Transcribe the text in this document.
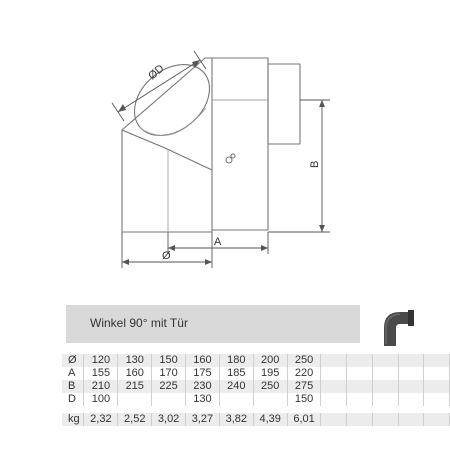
ØD
B
A
Ø
Winkel 90° mit Tür
Ø	120	130	150	160	180	200	250					
A	155	160	170	175	185	195	220					
B	210	215	225	230	240	250	275					
D	100			130			150					

kg	2,32	2,52	3,02	3,27	3,82	4,39	6,01					
